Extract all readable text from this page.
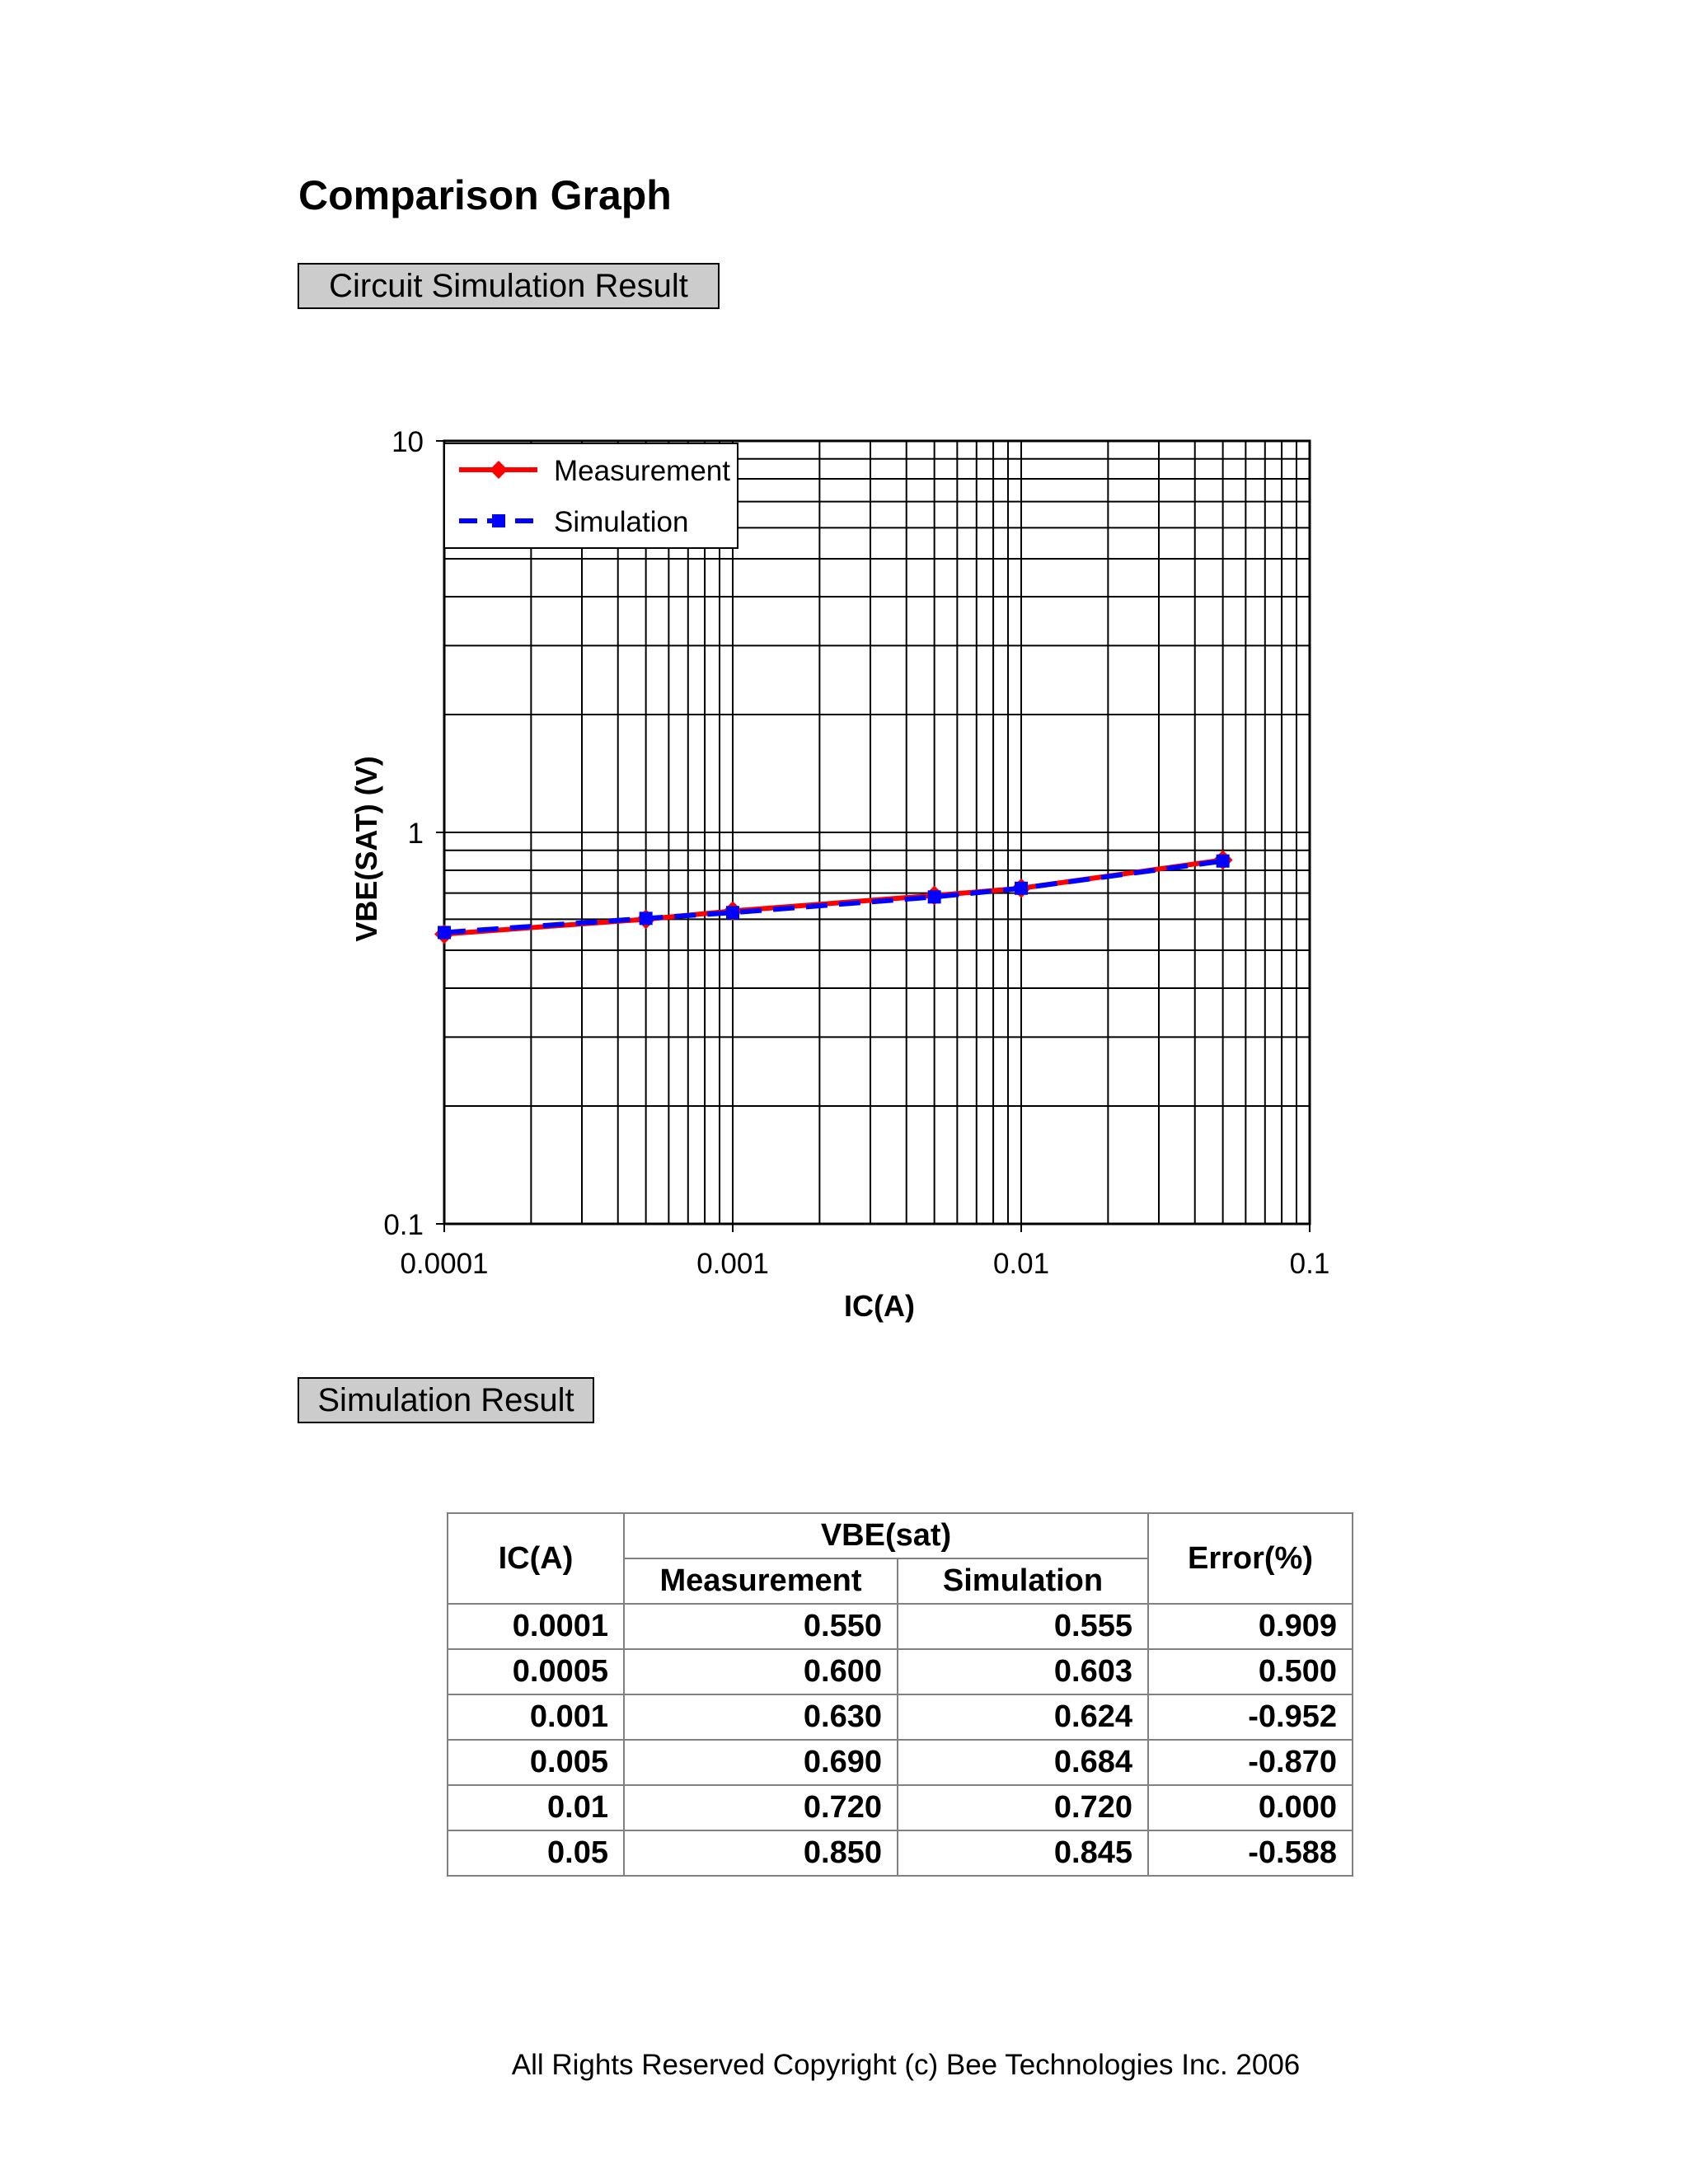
Comparison Graph
Circuit Simulation Result
0.1
1
10
0.0001	0.001	0.01	0.1
IC(A)
VBE(SAT) (V)
Measurement
Simulation
Simulation Result
IC(A)	VBE(sat)		Error(%)
	Measurement	Simulation	
0.0001	0.550	0.555	0.909
0.0005	0.600	0.603	0.500
0.001	0.630	0.624	-0.952
0.005	0.690	0.684	-0.870
0.01	0.720	0.720	0.000
0.05	0.850	0.845	-0.588
All Rights Reserved Copyright (c) Bee Technologies Inc. 2006
